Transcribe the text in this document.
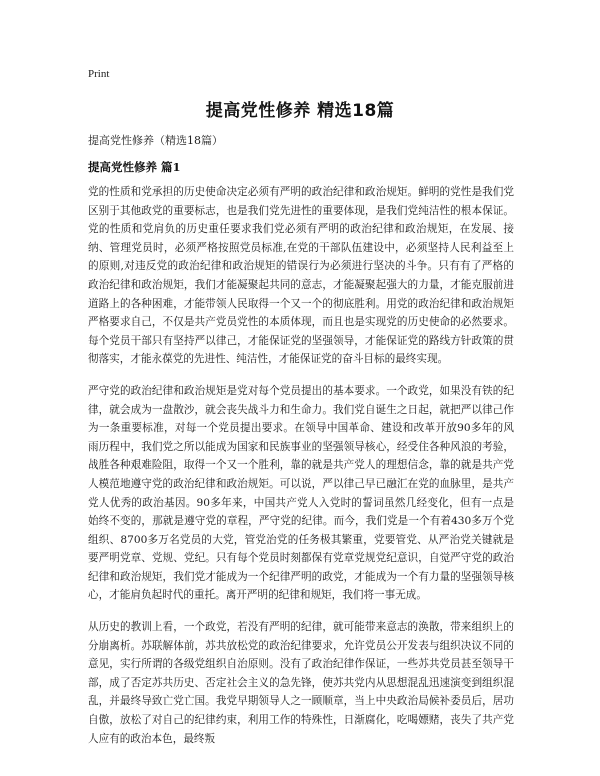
Print
提高党性修养 精选18篇
提高党性修养（精选18篇）
提高党性修养 篇1

党的性质和党承担的历史使命决定必须有严明的政治纪律和政治规矩。鲜明的党性是我们党区别于其他政党的重要标志，也是我们党先进性的重要体现，是我们党纯洁性的根本保证。党的性质和党肩负的历史重任要求我们党必须有严明的政治纪律和政治规矩，在发展、接纳、管理党员时，必须严格按照党员标准,在党的干部队伍建设中，必须坚持人民利益至上的原则,对违反党的政治纪律和政治规矩的错误行为必须进行坚决的斗争。只有有了严格的政治纪律和政治规矩，我们才能凝聚起共同的意志，才能凝聚起强大的力量，才能克服前进道路上的各种困难，才能带领人民取得一个又一个的彻底胜利。用党的政治纪律和政治规矩严格要求自己，不仅是共产党员党性的本质体现，而且也是实现党的历史使命的必然要求。每个党员干部只有坚持严以律己，才能保证党的坚强领导，才能保证党的路线方针政策的贯彻落实，才能永葆党的先进性、纯洁性，才能保证党的奋斗目标的最终实现。

严守党的政治纪律和政治规矩是党对每个党员提出的基本要求。一个政党，如果没有铁的纪律，就会成为一盘散沙，就会丧失战斗力和生命力。我们党自诞生之日起，就把严以律己作为一条重要标准，对每一个党员提出要求。在领导中国革命、建设和改革开放90多年的风雨历程中，我们党之所以能成为国家和民族事业的坚强领导核心，经受住各种风浪的考验，战胜各种艰难险阻，取得一个又一个胜利，靠的就是共产党人的理想信念，靠的就是共产党人模范地遵守党的政治纪律和政治规矩。可以说，严以律己早已融汇在党的血脉里，是共产党人优秀的政治基因。90多年来，中国共产党人入党时的誓词虽然几经变化，但有一点是始终不变的，那就是遵守党的章程，严守党的纪律。而今，我们党是一个有着430多万个党组织、8700多万名党员的大党，管党治党的任务极其繁重，党要管党、从严治党关键就是要严明党章、党规、党纪。只有每个党员时刻都保有党章党规党纪意识，自觉严守党的政治纪律和政治规矩，我们党才能成为一个纪律严明的政党，才能成为一个有力量的坚强领导核心，才能肩负起时代的重托。离开严明的纪律和规矩，我们将一事无成。

从历史的教训上看，一个政党，若没有严明的纪律，就可能带来意志的涣散，带来组织上的分崩离析。苏联解体前，苏共放松党的政治纪律要求，允许党员公开发表与组织决议不同的意见，实行所谓的各级党组织自治原则。没有了政治纪律作保证，一些苏共党员甚至领导干部，成了否定苏共历史、否定社会主义的急先锋，使苏共党内从思想混乱迅速演变到组织混乱，并最终导致亡党亡国。我党早期领导人之一顾顺章，当上中央政治局候补委员后，居功自傲，放松了对自己的纪律约束，利用工作的特殊性，日渐腐化，吃喝嫖赌，丧失了共产党人应有的政治本色，最终叛
